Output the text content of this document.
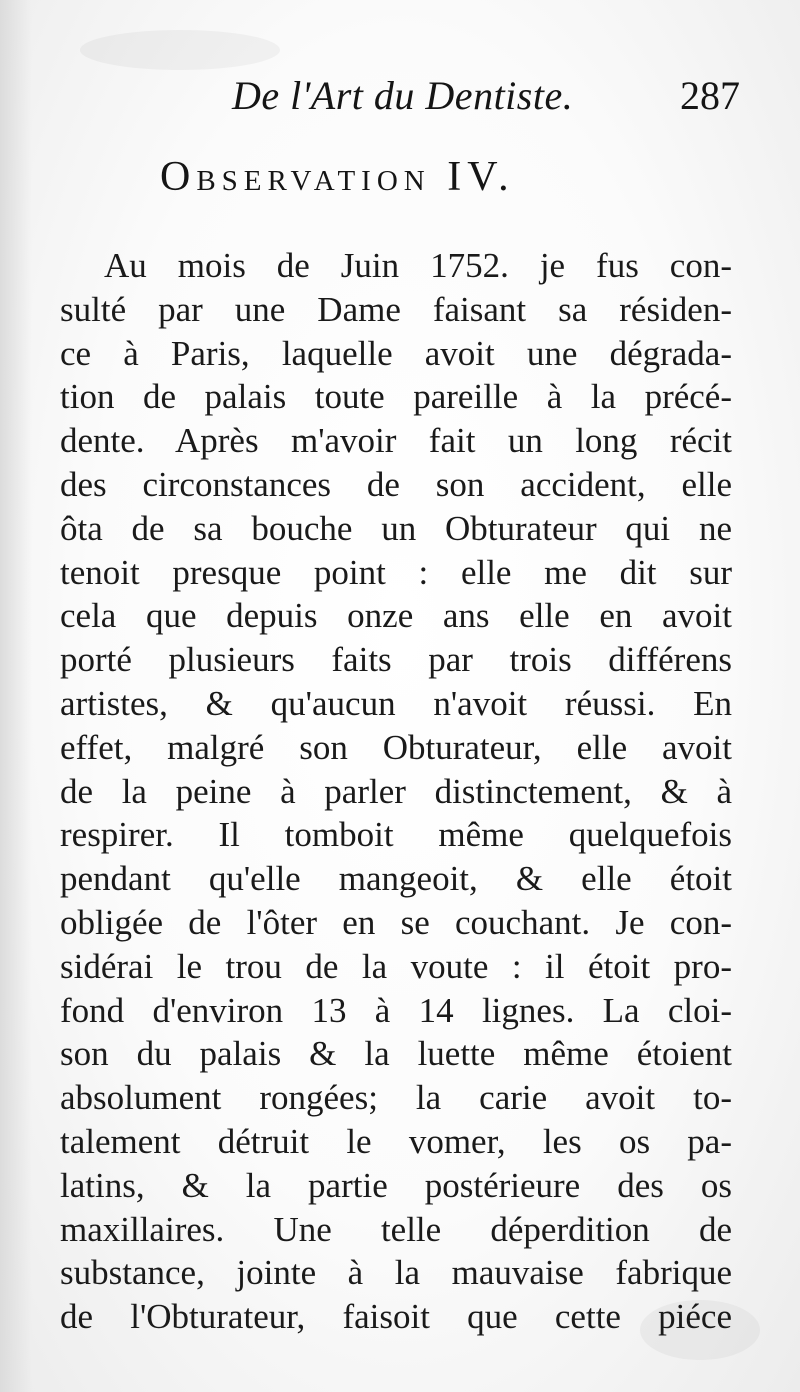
De l'Art du Dentiste.	287
Observation IV.
Au mois de Juin 1752. je fus con-
sulté par une Dame faisant sa résiden-
ce à Paris, laquelle avoit une dégrada-
tion de palais toute pareille à la précé-
dente. Après m'avoir fait un long récit
des circonstances de son accident, elle
ôta de sa bouche un Obturateur qui ne
tenoit presque point : elle me dit sur
cela que depuis onze ans elle en avoit
porté plusieurs faits par trois différens
artistes, & qu'aucun n'avoit réussi. En
effet, malgré son Obturateur, elle avoit
de la peine à parler distinctement, & à
respirer. Il tomboit même quelquefois
pendant qu'elle mangeoit, & elle étoit
obligée de l'ôter en se couchant. Je con-
sidérai le trou de la voute : il étoit pro-
fond d'environ 13 à 14 lignes. La cloi-
son du palais & la luette même étoient
absolument rongées; la carie avoit to-
talement détruit le vomer, les os pa-
latins, & la partie postérieure des os
maxillaires. Une telle déperdition de
substance, jointe à la mauvaise fabrique
de l'Obturateur, faisoit que cette piéce
